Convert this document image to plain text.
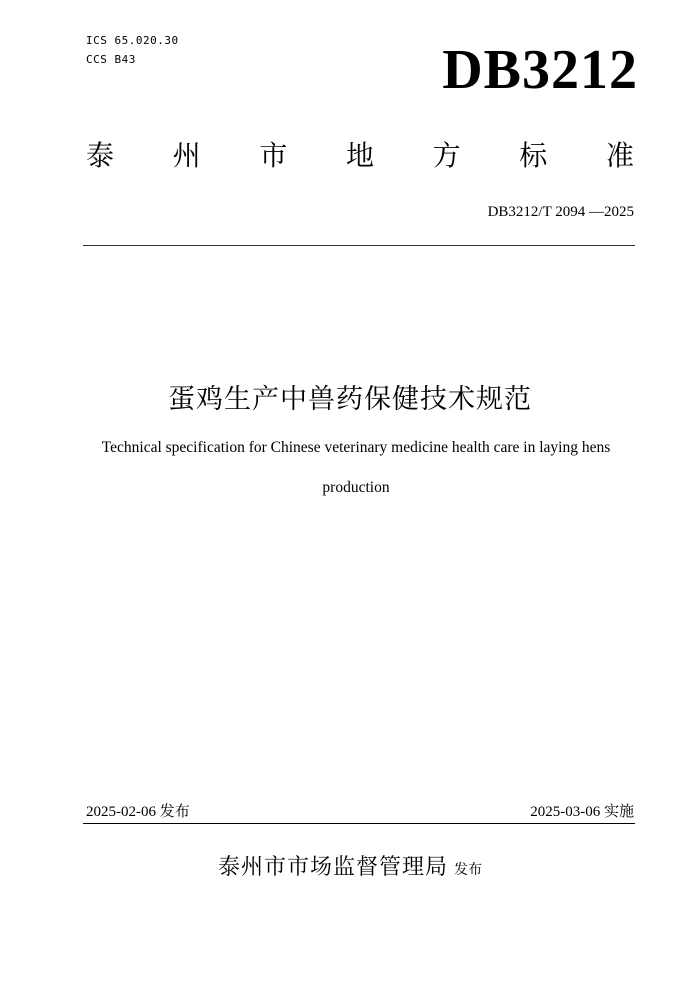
ICS 65.020.30
CCS B43	DB3212
泰 州 市 地 方 标 准
DB3212/T 2094 —2025
蛋鸡生产中兽药保健技术规范
Technical specification for Chinese veterinary medicine health care in laying hens
production
2025-02-06 发布	2025-03-06 实施
泰州市市场监督管理局 发布
